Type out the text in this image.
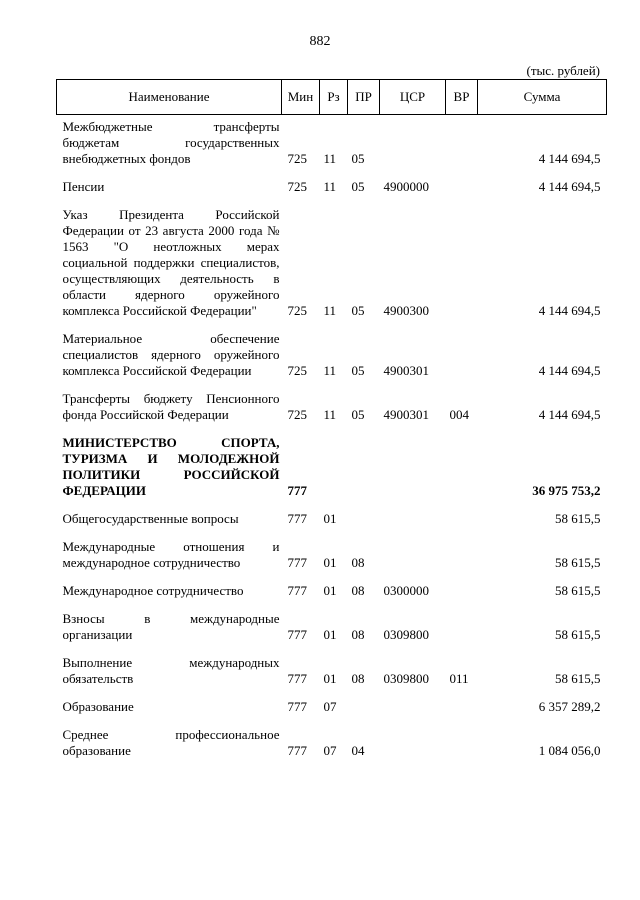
882
(тыс. рублей)
Наименование	Мин	Рз	ПР	ЦСР	ВР	Сумма
Межбюджетные трансферты бюджетам государственных внебюджетных фондов	725	11	05			4 144 694,5
Пенсии	725	11	05	4900000		4 144 694,5
Указ Президента Российской Федерации от 23 августа 2000 года № 1563 "О неотложных мерах социальной поддержки специалистов, осуществляющих деятельность в области ядерного оружейного комплекса Российской Федерации"	725	11	05	4900300		4 144 694,5
Материальное обеспечение специалистов ядерного оружейного комплекса Российской Федерации	725	11	05	4900301		4 144 694,5
Трансферты бюджету Пенсионного фонда Российской Федерации	725	11	05	4900301	004	4 144 694,5
МИНИСТЕРСТВО СПОРТА, ТУРИЗМА И МОЛОДЕЖНОЙ ПОЛИТИКИ РОССИЙСКОЙ ФЕДЕРАЦИИ	777					36 975 753,2
Общегосударственные вопросы	777	01				58 615,5
Международные отношения и международное сотрудничество	777	01	08			58 615,5
Международное сотрудничество	777	01	08	0300000		58 615,5
Взносы в международные организации	777	01	08	0309800		58 615,5
Выполнение международных обязательств	777	01	08	0309800	011	58 615,5
Образование	777	07				6 357 289,2
Среднее профессиональное образование	777	07	04			1 084 056,0
